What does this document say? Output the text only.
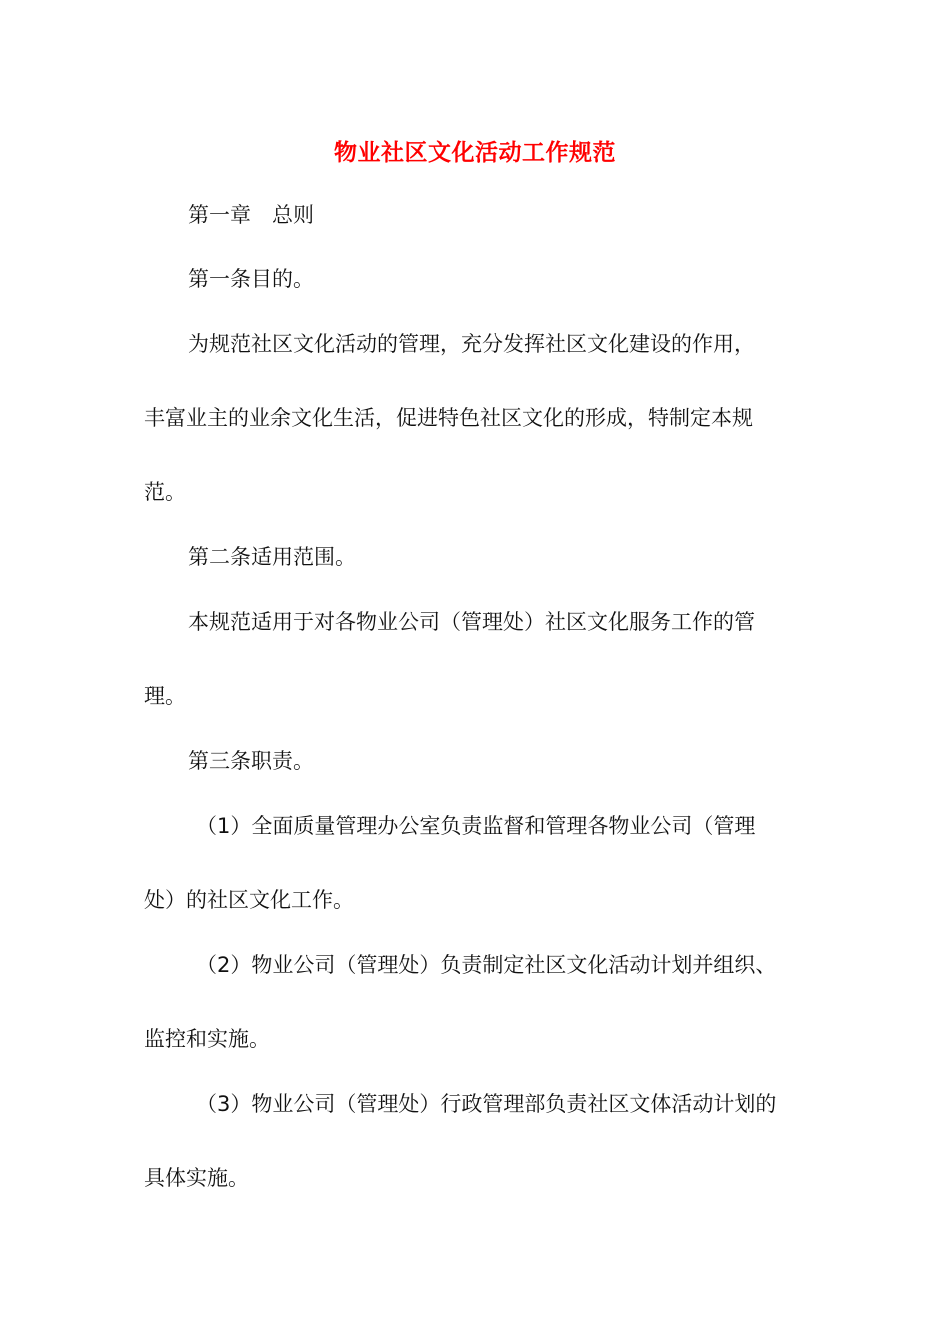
物业社区文化活动工作规范
第一章　总则
第一条目的。
为规范社区文化活动的管理，充分发挥社区文化建设的作用，
丰富业主的业余文化生活，促进特色社区文化的形成，特制定本规
范。
第二条适用范围。
本规范适用于对各物业公司（管理处）社区文化服务工作的管
理。
第三条职责。
（1）全面质量管理办公室负责监督和管理各物业公司（管理
处）的社区文化工作。
（2）物业公司（管理处）负责制定社区文化活动计划并组织、
监控和实施。
（3）物业公司（管理处）行政管理部负责社区文体活动计划的
具体实施。
